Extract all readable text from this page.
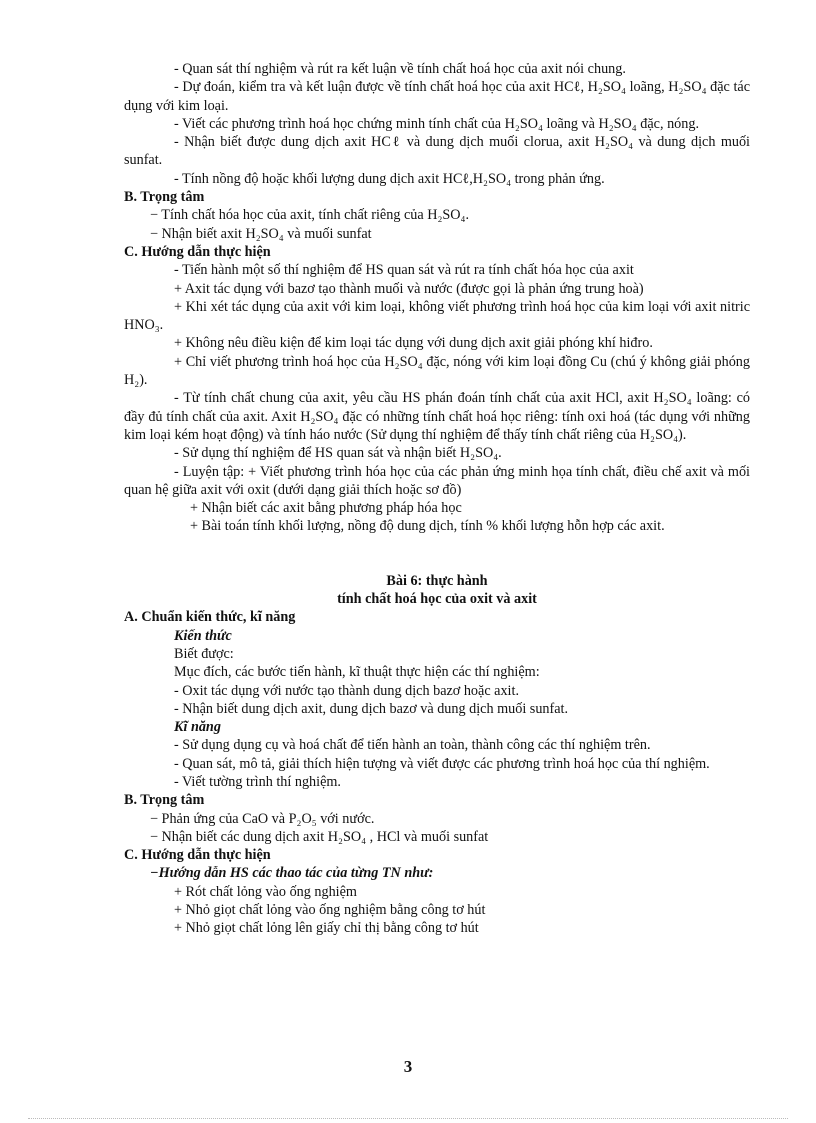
- Quan sát thí nghiệm và rút ra kết luận về tính chất hoá học của axit nói chung.

- Dự đoán, kiểm tra và kết luận được về tính chất hoá học của axit HCℓ, H₂SO₄ loãng, H₂SO₄ đặc tác dụng với kim loại.

- Viết các phương trình hoá học chứng minh tính chất của H₂SO₄ loãng và H₂SO₄ đặc, nóng.

- Nhận biết được dung dịch axit HCℓ và dung dịch muối clorua, axit H₂SO₄ và dung dịch muối sunfat.

- Tính nồng độ hoặc khối lượng dung dịch axit HCℓ,H₂SO₄ trong phản ứng.

B. Trọng tâm

− Tính chất hóa học của axit, tính chất riêng của H₂SO₄.

− Nhận biết axit H₂SO₄ và muối sunfat

C. Hướng dẫn thực hiện

- Tiến hành một số thí nghiệm để HS quan sát và rút ra tính chất hóa học của axit

+ Axit tác dụng với bazơ tạo thành muối và nước (được gọi là phản ứng trung hoà)

+ Khi xét tác dụng của axit với kim loại, không viết phương trình hoá học của kim loại với axit nitric HNO₃.

+ Không nêu điều kiện để kim loại tác dụng với dung dịch axit giải phóng khí hiđro.

+ Chỉ viết phương trình hoá học của H₂SO₄ đặc, nóng với kim loại đồng Cu (chú ý không giải phóng H₂).

- Từ tính chất chung của axit, yêu cầu HS phán đoán tính chất của axit HCl, axit H₂SO₄ loãng: có đầy đủ tính chất của axit. Axit H₂SO₄ đặc có những tính chất hoá học riêng: tính oxi hoá (tác dụng với những kim loại kém hoạt động) và tính háo nước (Sử dụng thí nghiệm để thấy tính chất riêng của H₂SO₄).

- Sử dụng thí nghiệm để HS quan sát và nhận biết H₂SO₄.

- Luyện tập: + Viết phương trình hóa học của các phản ứng minh họa tính chất, điều chế axit và mối quan hệ giữa axit với oxit (dưới dạng giải thích hoặc sơ đồ)

+ Nhận biết các axit bằng phương pháp hóa học

+ Bài toán tính khối lượng, nồng độ dung dịch, tính % khối lượng hỗn hợp các axit.

Bài 6: thực hành

tính chất hoá học của oxit và axit

A. Chuẩn kiến thức, kĩ năng

Kiến thức

Biết được:

Mục đích, các bước tiến hành, kĩ thuật thực hiện các thí nghiệm:

- Oxit tác dụng với nước tạo thành dung dịch bazơ hoặc axit.

- Nhận biết dung dịch axit, dung dịch bazơ và dung dịch muối sunfat.

Kĩ năng

- Sử dụng dụng cụ và hoá chất để tiến hành an toàn, thành công các thí nghiệm trên.

- Quan sát, mô tả, giải thích hiện tượng và viết được các phương trình hoá học của thí nghiệm.

- Viết tường trình thí nghiệm.

B. Trọng tâm

− Phản ứng của CaO và P₂O₅ với nước.

− Nhận biết các dung dịch axit H₂SO₄ , HCl và muối sunfat

C. Hướng dẫn thực hiện

−Hướng dẫn HS các thao tác của từng TN như:

+ Rót chất lỏng vào ống nghiệm

+ Nhỏ giọt chất lỏng vào ống nghiệm bằng công tơ hút

+ Nhỏ giọt chất lỏng lên giấy chỉ thị bằng công tơ hút

3
